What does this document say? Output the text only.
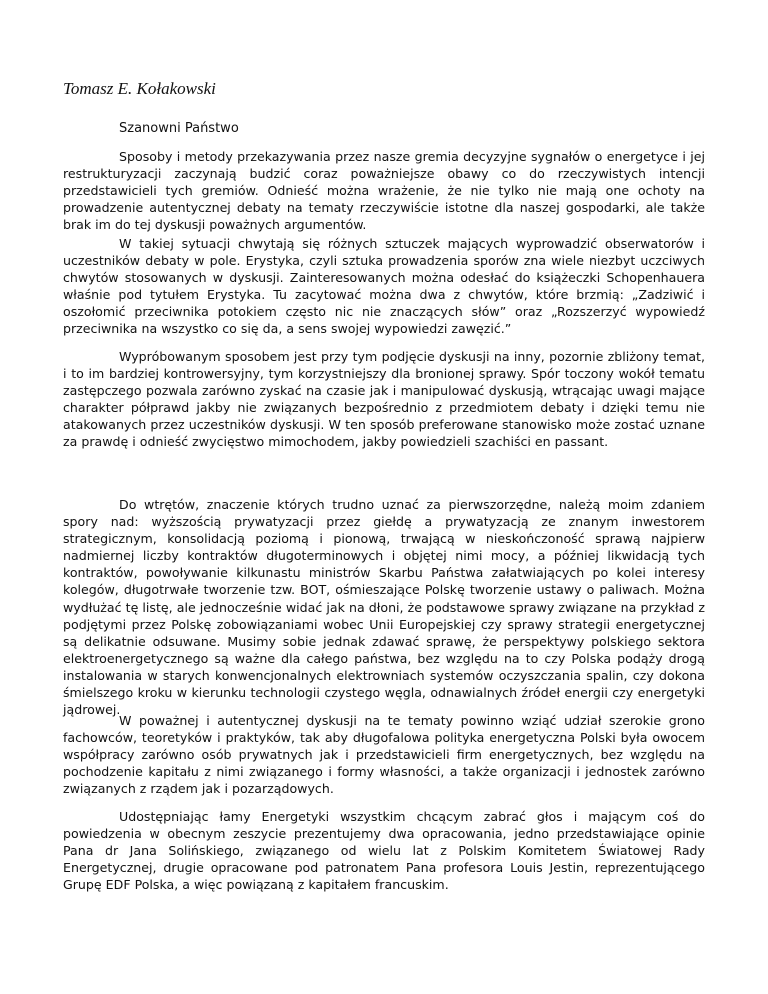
Tomasz E. Kołakowski

Szanowni Państwo

Sposoby i metody przekazywania przez nasze gremia decyzyjne sygnałów o energetyce i jej restrukturyzacji zaczynają budzić coraz poważniejsze obawy co do rzeczywistych intencji przedstawicieli tych gremiów. Odnieść można wrażenie, że nie tylko nie mają one ochoty na prowadzenie autentycznej debaty na tematy rzeczywiście istotne dla naszej gospodarki, ale także brak im do tej dyskusji poważnych argumentów.

W takiej sytuacji chwytają się różnych sztuczek mających wyprowadzić obserwatorów i uczestników debaty w pole. Erystyka, czyli sztuka prowadzenia sporów zna wiele niezbyt uczciwych chwytów stosowanych w dyskusji. Zainteresowanych można odesłać do książeczki Schopenhauera właśnie pod tytułem Erystyka. Tu zacytować można dwa z chwytów, które brzmią: „Zadziwić i oszołomić przeciwnika potokiem często nic nie znaczących słów” oraz „Rozszerzyć wypowiedź przeciwnika na wszystko co się da, a sens swojej wypowiedzi zawęzić.”

Wypróbowanym sposobem jest przy tym podjęcie dyskusji na inny, pozornie zbliżony temat, i to im bardziej kontrowersyjny, tym korzystniejszy dla bronionej sprawy. Spór toczony wokół tematu zastępczego pozwala zarówno zyskać na czasie jak i manipulować dyskusją, wtrącając uwagi mające charakter półprawd jakby nie związanych bezpośrednio z przedmiotem debaty i dzięki temu nie atakowanych przez uczestników dyskusji. W ten sposób preferowane stanowisko może zostać uznane za prawdę i odnieść zwycięstwo mimochodem, jakby powiedzieli szachiści en passant.

Do wtrętów, znaczenie których trudno uznać za pierwszorzędne, należą moim zdaniem spory nad: wyższością prywatyzacji przez giełdę a prywatyzacją ze znanym inwestorem strategicznym, konsolidacją poziomą i pionową, trwającą w nieskończoność sprawą najpierw nadmiernej liczby kontraktów długoterminowych i objętej nimi mocy, a później likwidacją tych kontraktów, powoływanie kilkunastu ministrów Skarbu Państwa załatwiających po kolei interesy kolegów, długotrwałe tworzenie tzw. BOT, ośmieszające Polskę tworzenie ustawy o paliwach. Można wydłużać tę listę, ale jednocześnie widać jak na dłoni, że podstawowe sprawy związane na przykład z podjętymi przez Polskę zobowiązaniami wobec Unii Europejskiej czy sprawy strategii energetycznej są delikatnie odsuwane. Musimy sobie jednak zdawać sprawę, że perspektywy polskiego sektora elektroenergetycznego są ważne dla całego państwa, bez względu na to czy Polska podąży drogą instalowania w starych konwencjonalnych elektrowniach systemów oczyszczania spalin, czy dokona śmielszego kroku w kierunku technologii czystego węgla, odnawialnych źródeł energii czy energetyki jądrowej.

W poważnej i autentycznej dyskusji na te tematy powinno wziąć udział szerokie grono fachowców, teoretyków i praktyków, tak aby długofalowa polityka energetyczna Polski była owocem współpracy zarówno osób prywatnych jak i przedstawicieli firm energetycznych, bez względu na pochodzenie kapitału z nimi związanego i formy własności, a także organizacji i jednostek zarówno związanych z rządem jak i pozarządowych.

Udostępniając łamy Energetyki wszystkim chcącym zabrać głos i mającym coś do powiedzenia w obecnym zeszycie prezentujemy dwa opracowania, jedno przedstawiające opinie Pana dr Jana Solińskiego, związanego od wielu lat z Polskim Komitetem Światowej Rady Energetycznej, drugie opracowane pod patronatem Pana profesora Louis Jestin, reprezentującego Grupę EDF Polska, a więc powiązaną z kapitałem francuskim.
